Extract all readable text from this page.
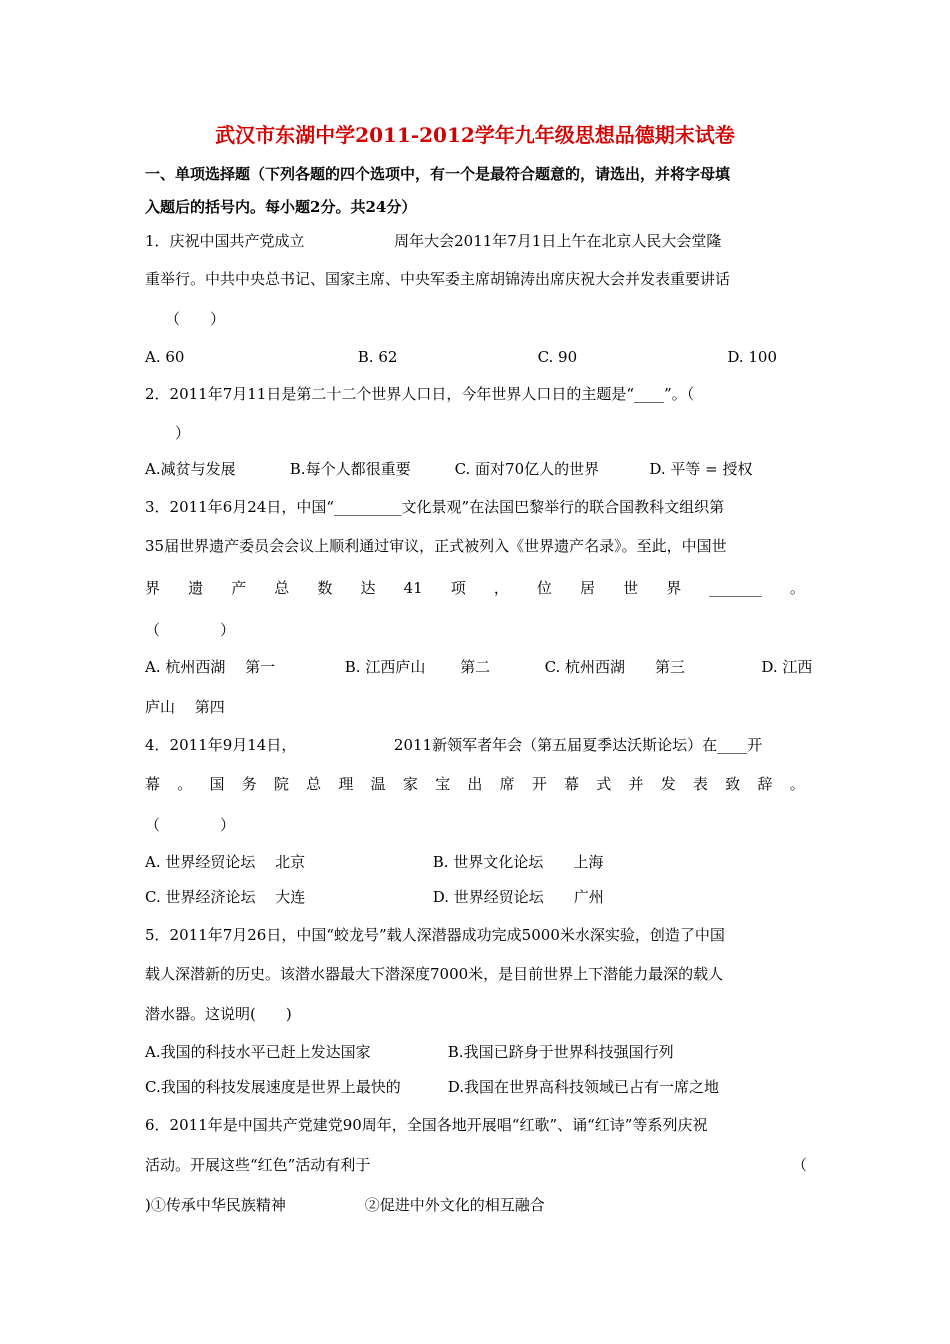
武汉市东湖中学2011-2012学年九年级思想品德期末试卷
一、单项选择题（下列各题的四个选项中，有一个是最符合题意的，请选出，并将字母填
入题后的括号内。每小题2分。共24分）
1．庆祝中国共产党成立	周年大会2011年7月1日上午在北京人民大会堂隆
重举行。中共中央总书记、国家主席、中央军委主席胡锦涛出席庆祝大会并发表重要讲话
（　　）
A. 60	B. 62	C. 90	D. 100
2．2011年7月11日是第二十二个世界人口日，今年世界人口日的主题是“____”。（
）
A.减贫与发展	B.每个人都很重要	C. 面对70亿人的世界	D. 平等 = 授权
3．2011年6月24日，中国“_________文化景观”在法国巴黎举行的联合国教科文组织第
35届世界遗产委员会会议上顺利通过审议，正式被列入《世界遗产名录》。至此，中国世
界 遗 产 总 数 达 41 项 ， 位 居 世 界 _______ 。
（　　　　）
A. 杭州西湖　 第一	B. 江西庐山　　 第二	C. 杭州西湖　　第三	D. 江西
庐山　 第四
4．2011年9月14日，	2011新领军者年会（第五届夏季达沃斯论坛）在____开
幕 。 国 务 院 总 理 温 家 宝 出 席 开 幕 式 并 发 表 致 辞 。
（　　　　）
A. 世界经贸论坛　 北京	B. 世界文化论坛　　上海
C. 世界经济论坛　 大连	D. 世界经贸论坛　　广州
5．2011年7月26日，中国“蛟龙号”载人深潜器成功完成5000米水深实验，创造了中国
载人深潜新的历史。该潜水器最大下潜深度7000米，是目前世界上下潜能力最深的载人
潜水器。这说明(　　)
A.我国的科技水平已赶上发达国家	B.我国已跻身于世界科技强国行列
C.我国的科技发展速度是世界上最快的	D.我国在世界高科技领域已占有一席之地
6．2011年是中国共产党建党90周年，全国各地开展唱“红歌”、诵“红诗”等系列庆祝
活动。开展这些“红色”活动有利于	（
)①传承中华民族精神	②促进中外文化的相互融合
